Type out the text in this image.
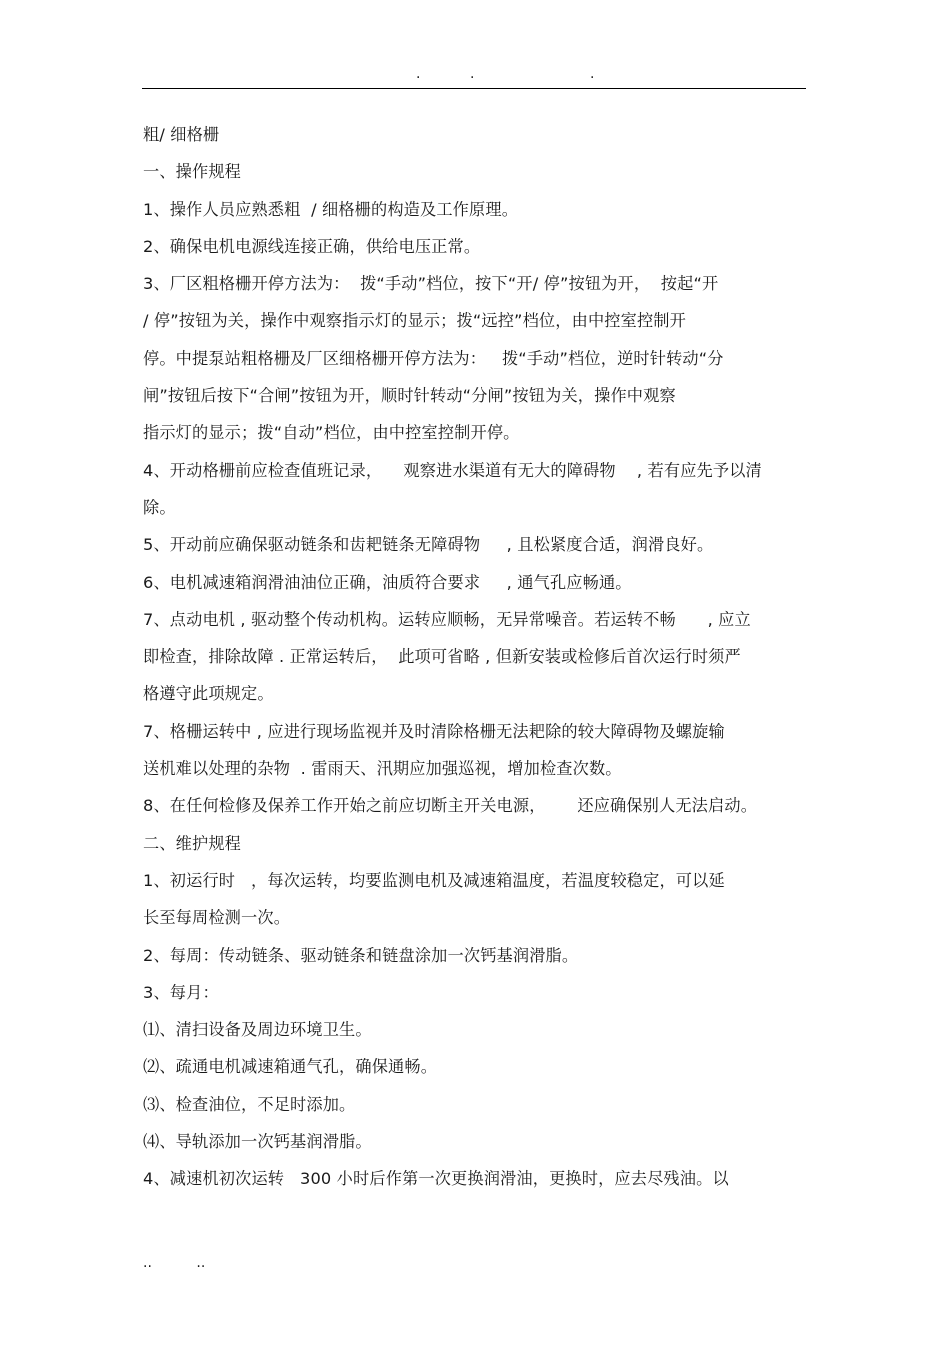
.	.	.
粗/ 细格栅
一、操作规程
1、操作人员应熟悉粗  / 细格栅的构造及工作原理。
2、确保电机电源线连接正确，供给电压正常。
3、厂区粗格栅开停方法为：  拨“手动”档位，按下“开/ 停”按钮为开，  按起“开
/ 停”按钮为关，操作中观察指示灯的显示；拨“远控”档位，由中控室控制开
停。中提泵站粗格栅及厂区细格栅开停方法为：   拨“手动”档位，逆时针转动“分
闸”按钮后按下“合闸”按钮为开，顺时针转动“分闸”按钮为关，操作中观察
指示灯的显示；拨“自动”档位，由中控室控制开停。
4、开动格栅前应检查值班记录，    观察进水渠道有无大的障碍物    , 若有应先予以清
除。
5、开动前应确保驱动链条和齿耙链条无障碍物     , 且松紧度合适，润滑良好。
6、电机减速箱润滑油油位正确，油质符合要求     , 通气孔应畅通。
7、点动电机 , 驱动整个传动机构。运转应顺畅，无异常噪音。若运转不畅      , 应立
即检查，排除故障 . 正常运转后，  此项可省略 , 但新安装或检修后首次运行时须严
格遵守此项规定。
7、格栅运转中 , 应进行现场监视并及时清除格栅无法耙除的较大障碍物及螺旋输
送机难以处理的杂物  . 雷雨天、汛期应加强巡视，增加检查次数。
8、在任何检修及保养工作开始之前应切断主开关电源，      还应确保别人无法启动。
二、维护规程
1、初运行时   ，每次运转，均要监测电机及减速箱温度，若温度较稳定，可以延
长至每周检测一次。
2、每周：传动链条、驱动链条和链盘涂加一次钙基润滑脂。
3、每月：
⑴、清扫设备及周边环境卫生。
⑵、疏通电机减速箱通气孔，确保通畅。
⑶、检查油位，不足时添加。
⑷、导轨添加一次钙基润滑脂。
4、减速机初次运转   300 小时后作第一次更换润滑油，更换时，应去尽残油。以
..          ..
